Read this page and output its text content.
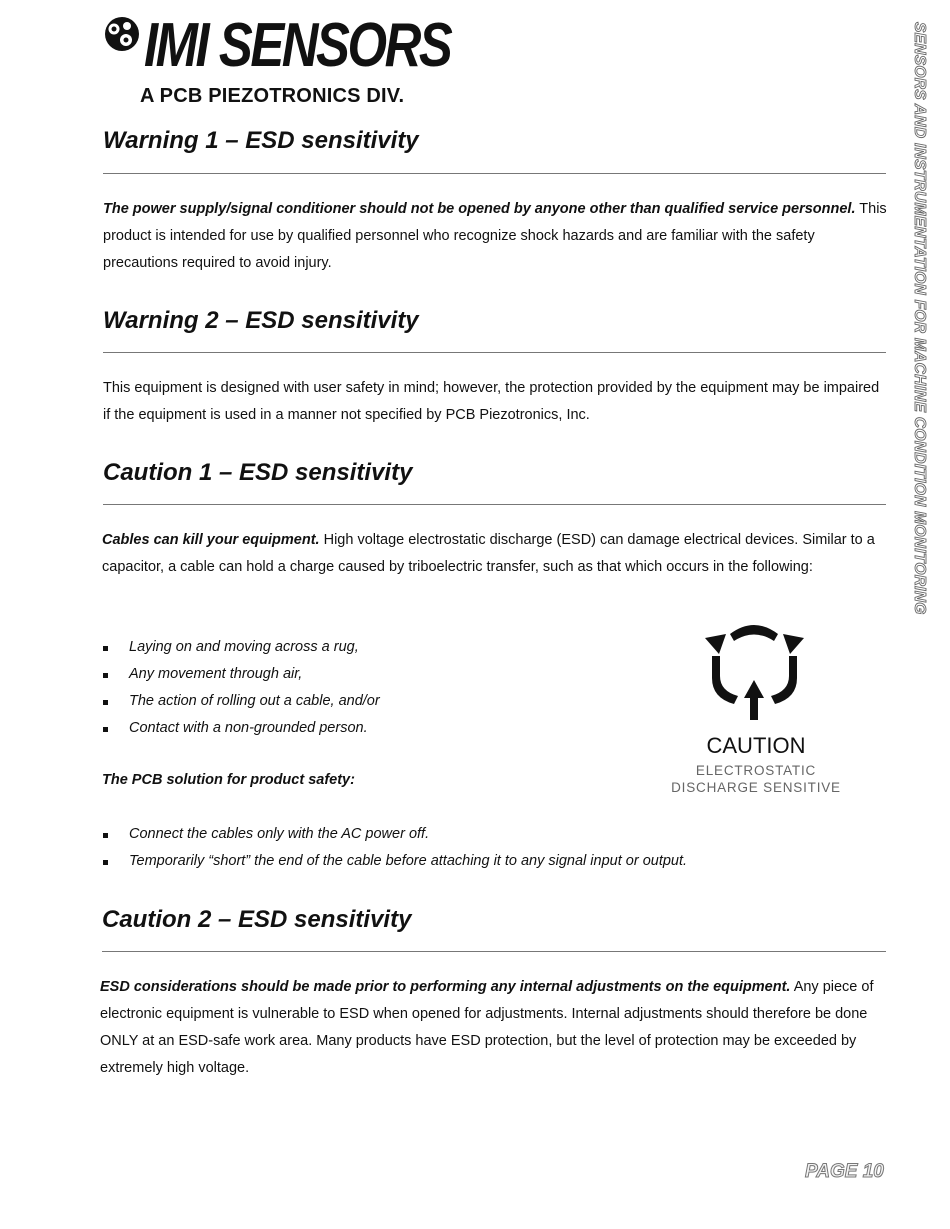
IMI SENSORS
A PCB PIEZOTRONICS DIV.
Warning 1 – ESD sensitivity
The power supply/signal conditioner should not be opened by anyone other than qualified service personnel. This product is intended for use by qualified personnel who recognize shock hazards and are familiar with the safety precautions required to avoid injury.
Warning 2 – ESD sensitivity
This equipment is designed with user safety in mind; however, the protection provided by the equipment may be impaired if the equipment is used in a manner not specified by PCB Piezotronics, Inc.
Caution 1 – ESD sensitivity
Cables can kill your equipment. High voltage electrostatic discharge (ESD) can damage electrical devices. Similar to a capacitor, a cable can hold a charge caused by triboelectric transfer, such as that which occurs in the following:
Laying on and moving across a rug,
Any movement through air,
The action of rolling out a cable, and/or
Contact with a non-grounded person.
The PCB solution for product safety:
Connect the cables only with the AC power off.
Temporarily “short” the end of the cable before attaching it to any signal input or output.
CAUTION
ELECTROSTATIC
DISCHARGE SENSITIVE
Caution 2 – ESD sensitivity
ESD considerations should be made prior to performing any internal adjustments on the equipment. Any piece of electronic equipment is vulnerable to ESD when opened for adjustments. Internal adjustments should therefore be done ONLY at an ESD-safe work area. Many products have ESD protection, but the level of protection may be exceeded by extremely high voltage.
SENSORS AND INSTRUMENTATION FOR MACHINE CONDITION MONITORING
PAGE 10
